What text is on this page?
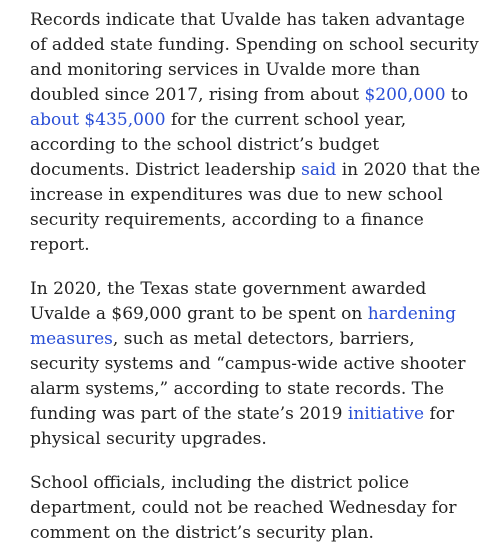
Records indicate that Uvalde has taken advantage of added state funding. Spending on school security and monitoring services in Uvalde more than doubled since 2017, rising from about $200,000 to about $435,000 for the current school year, according to the school district’s budget documents. District leadership said in 2020 that the increase in expenditures was due to new school security requirements, according to a finance report.

In 2020, the Texas state government awarded Uvalde a $69,000 grant to be spent on hardening measures, such as metal detectors, barriers, security systems and “campus-wide active shooter alarm systems,” according to state records. The funding was part of the state’s 2019 initiative for physical security upgrades.

School officials, including the district police department, could not be reached Wednesday for comment on the district’s security plan.
